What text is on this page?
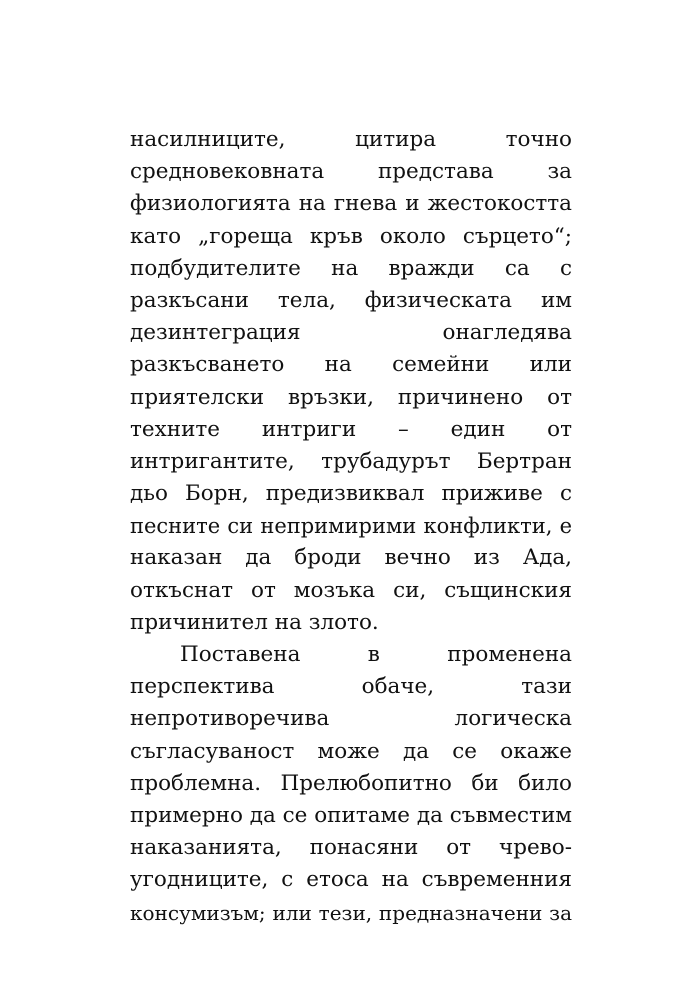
насилниците, цитира точно
средновековната представа за
физиологията на гнева и жестокостта
като „гореща кръв около сърцето“;
подбудителите на вражди са с
разкъсани тела, физическата им
дезинтеграция онагледява
разкъсването на семейни или
приятелски връзки, причинено от
техните интриги – един от
интригантите, трубадурът Бертран
дьо Борн, предизвиквал приживе с
песните си непримирими конфликти, е
наказан да броди вечно из Ада,
откъснат от мозъка си, същинския
причинител на злото.
Поставена в променена
перспектива обаче, тази
непротиворечива логическа
съгласуваност може да се окаже
проблемна. Прелюбопитно би било
примерно да се опитаме да съвместим
наказанията, понасяни от чрево-
угодниците, с етоса на съвременния
консумизъм; или тези, предназначени за
